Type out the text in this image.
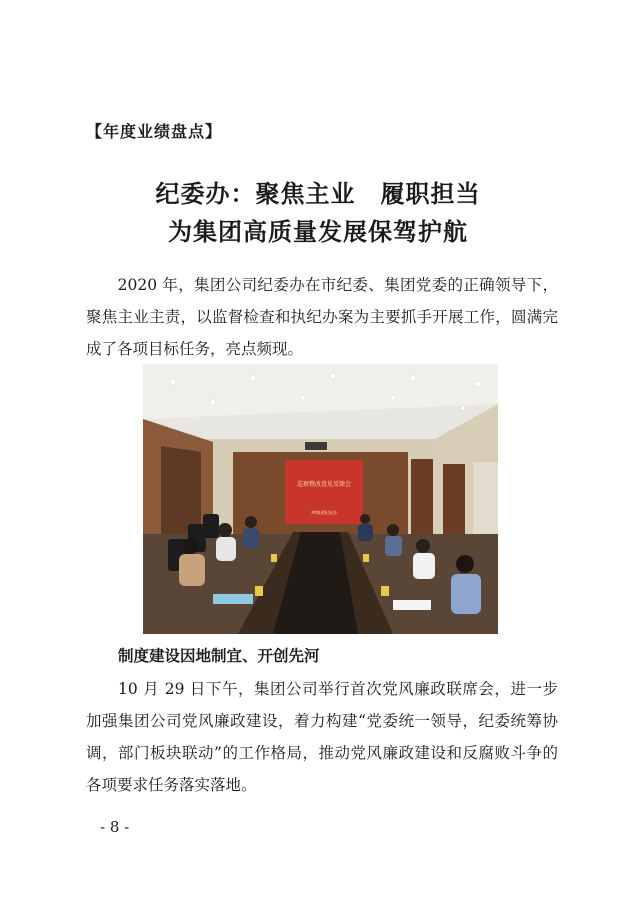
【年度业绩盘点】
纪委办：聚焦主业　履职担当
为集团高质量发展保驾护航
　　2020 年，集团公司纪委办在市纪委、集团党委的正确领导下，聚焦主业主责，以监督检查和执纪办案为主要抓手开展工作，圆满完成了各项目标任务，亮点频现。
巡察整改意见反馈会
XX集团纪检办
制度建设因地制宜、开创先河
　　10 月 29 日下午，集团公司举行首次党风廉政联席会，进一步加强集团公司党风廉政建设，着力构建“党委统一领导，纪委统筹协调，部门板块联动”的工作格局，推动党风廉政建设和反腐败斗争的各项要求任务落实落地。
- 8 -
